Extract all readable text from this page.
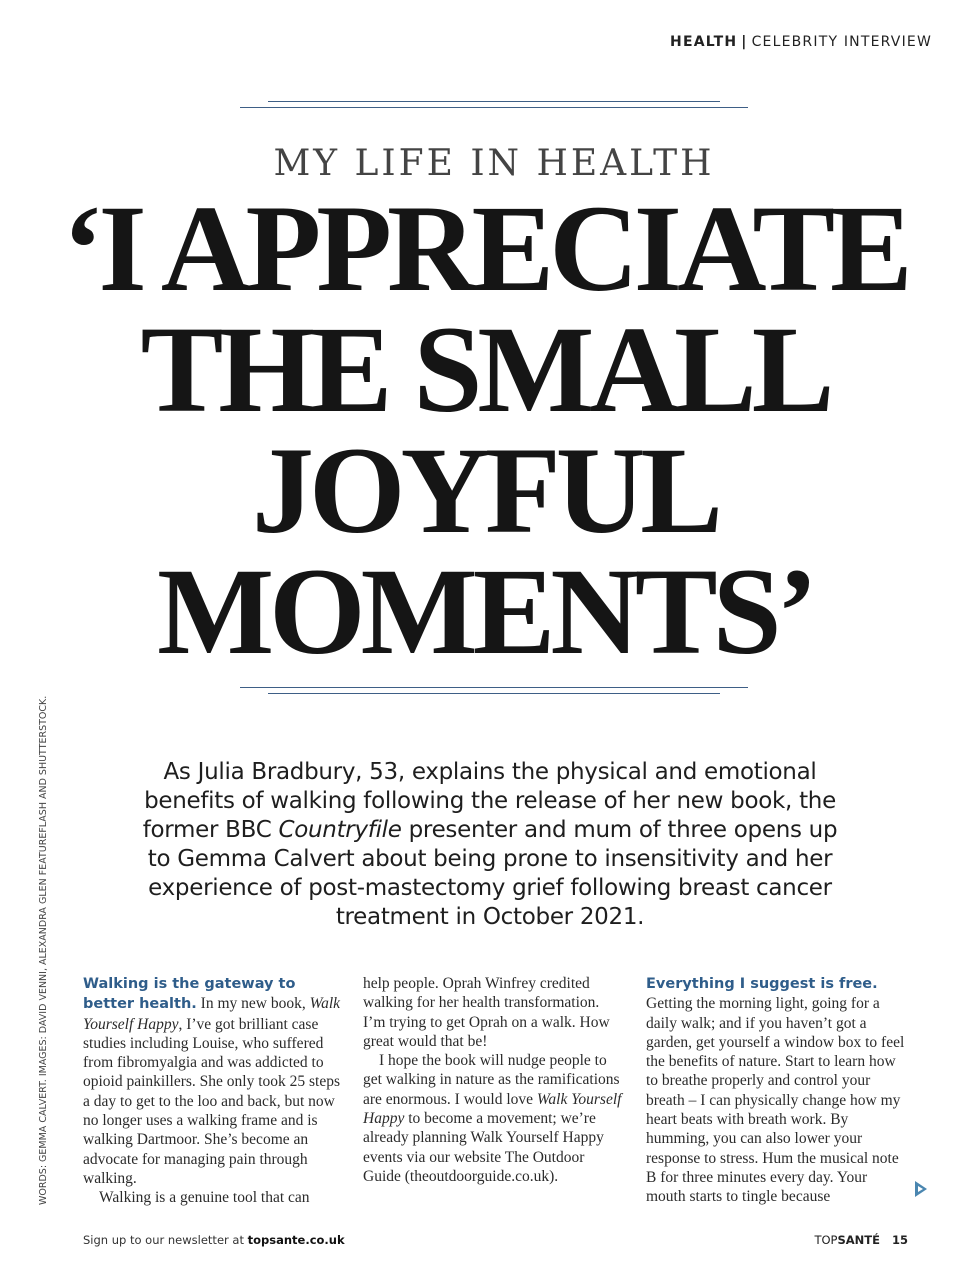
HEALTH | CELEBRITY INTERVIEW
MY LIFE IN HEALTH
‘I APPRECIATE
THE SMALL
JOYFUL
MOMENTS’
WORDS: GEMMA CALVERT. IMAGES: DAVID VENNI, ALEXANDRA GLEN FEATUREFLASH AND SHUTTERSTOCK.	As Julia Bradbury, 53, explains the physical and emotional benefits of walking following the release of her new book, the former BBC Countryfile presenter and mum of three opens up to Gemma Calvert about being prone to insensitivity and her experience of post-mastectomy grief following breast cancer treatment in October 2021.

Walking is the gateway to better health. In my new book, Walk Yourself Happy, I’ve got brilliant case studies including Louise, who suffered from fibromyalgia and was addicted to opioid painkillers. She only took 25 steps a day to get to the loo and back, but now no longer uses a walking frame and is walking Dartmoor. She’s become an advocate for managing pain through walking.

Walking is a genuine tool that can

help people. Oprah Winfrey credited walking for her health transformation. I’m trying to get Oprah on a walk. How great would that be!

I hope the book will nudge people to get walking in nature as the ramifications are enormous. I would love Walk Yourself Happy to become a movement; we’re already planning Walk Yourself Happy events via our website The Outdoor Guide (theoutdoorguide.co.uk).

Everything I suggest is free.

Getting the morning light, going for a daily walk; and if you haven’t got a garden, get yourself a window box to feel the benefits of nature. Start to learn how to breathe properly and control your breath – I can physically change how my heart beats with breath work. By humming, you can also lower your response to stress. Hum the musical note B for three minutes every day. Your mouth starts to tingle because

Sign up to our newsletter at topsante.co.uk	TOPSANTÉ 15
